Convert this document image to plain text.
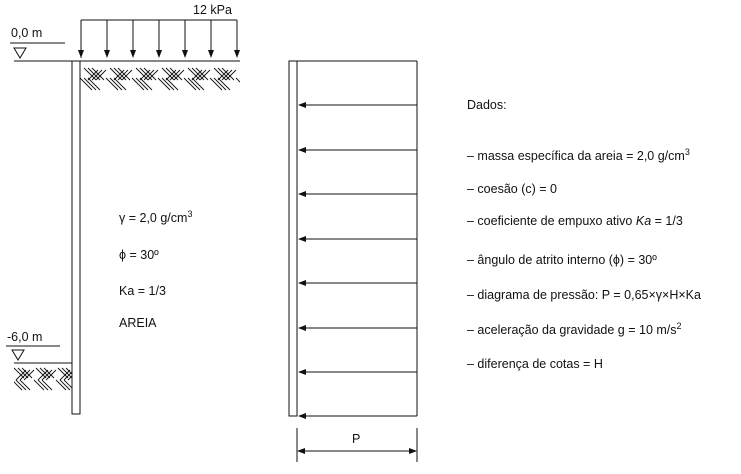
12 kPa
0,0 m
-6,0 m
γ = 2,0 $g/cm^3$
ϕ = 30º
Ka = 1/3
AREIA
P
Dados:
– massa específica da areia = 2,0 $g/cm^3$
– coesão (c) = 0
– coeficiente de empuxo ativo Ka = 1/3
– ângulo de atrito interno (ϕ) = 30º
– diagrama de pressão: P = 0,65×γ×H×Ka
– aceleração da gravidade g = 10 $m/s^2$
– diferença de cotas = H
